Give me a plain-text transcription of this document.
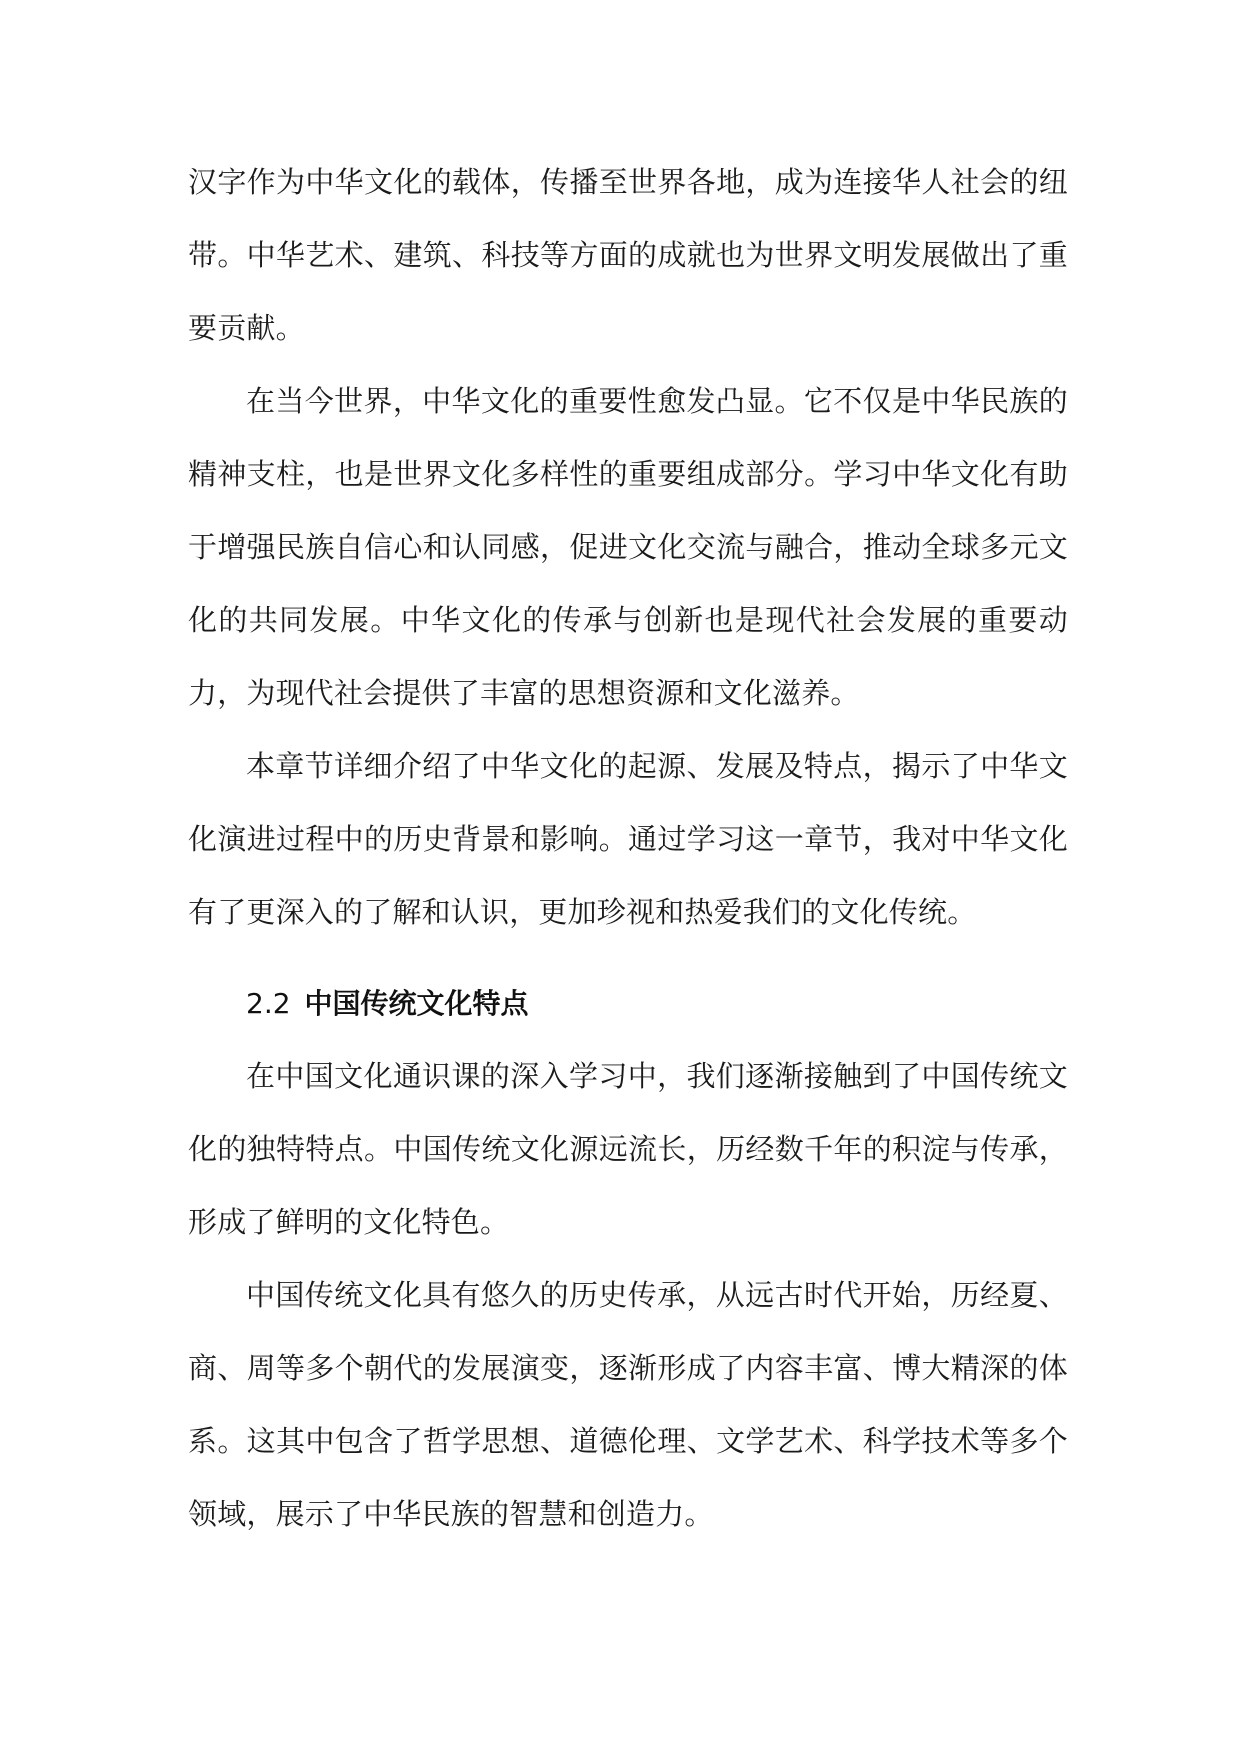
汉字作为中华文化的载体，传播至世界各地，成为连接华人社会的纽带。中华艺术、建筑、科技等方面的成就也为世界文明发展做出了重要贡献。

在当今世界，中华文化的重要性愈发凸显。它不仅是中华民族的精神支柱，也是世界文化多样性的重要组成部分。学习中华文化有助于增强民族自信心和认同感，促进文化交流与融合，推动全球多元文化的共同发展。中华文化的传承与创新也是现代社会发展的重要动力，为现代社会提供了丰富的思想资源和文化滋养。

本章节详细介绍了中华文化的起源、发展及特点，揭示了中华文化演进过程中的历史背景和影响。通过学习这一章节，我对中华文化有了更深入的了解和认识，更加珍视和热爱我们的文化传统。

2.2 中国传统文化特点

在中国文化通识课的深入学习中，我们逐渐接触到了中国传统文化的独特特点。中国传统文化源远流长，历经数千年的积淀与传承，形成了鲜明的文化特色。

中国传统文化具有悠久的历史传承，从远古时代开始，历经夏、商、周等多个朝代的发展演变，逐渐形成了内容丰富、博大精深的体系。这其中包含了哲学思想、道德伦理、文学艺术、科学技术等多个领域，展示了中华民族的智慧和创造力。
